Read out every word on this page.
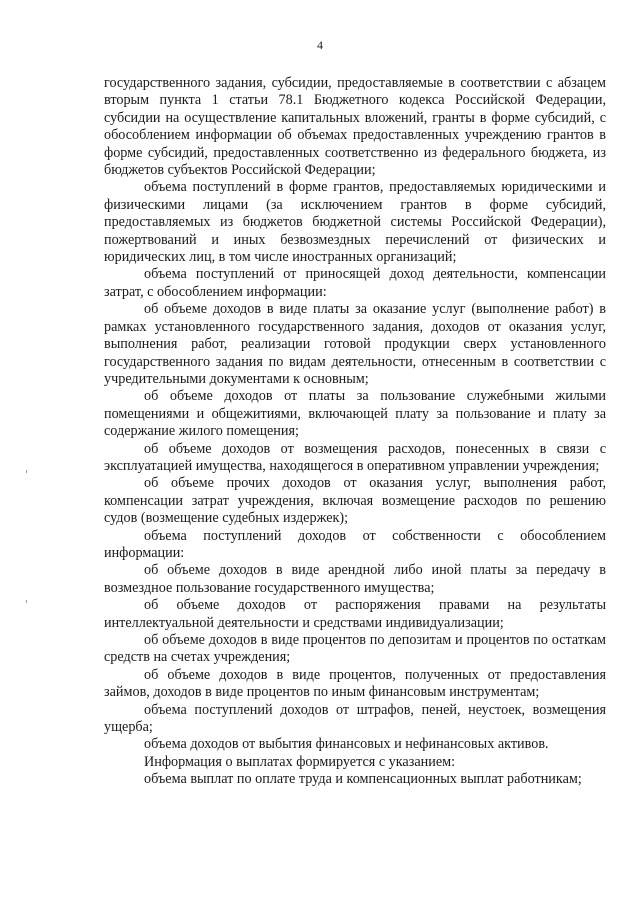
4

государственного задания, субсидии, предоставляемые в соответствии с абзацем вторым пункта 1 статьи 78.1 Бюджетного кодекса Российской Федерации, субсидии на осуществление капитальных вложений, гранты в форме субсидий, с обособлением информации об объемах предоставленных учреждению грантов в форме субсидий, предоставленных соответственно из федерального бюджета, из бюджетов субъектов Российской Федерации;

объема поступлений в форме грантов, предоставляемых юридическими и физическими лицами (за исключением грантов в форме субсидий, предоставляемых из бюджетов бюджетной системы Российской Федерации), пожертвований и иных безвозмездных перечислений от физических и юридических лиц, в том числе иностранных организаций;

объема поступлений от приносящей доход деятельности, компенсации затрат, с обособлением информации:

об объеме доходов в виде платы за оказание услуг (выполнение работ) в рамках установленного государственного задания, доходов от оказания услуг, выполнения работ, реализации готовой продукции сверх установленного государственного задания по видам деятельности, отнесенным в соответствии с учредительными документами к основным;

об объеме доходов от платы за пользование служебными жилыми помещениями и общежитиями, включающей плату за пользование и плату за содержание жилого помещения;

об объеме доходов от возмещения расходов, понесенных в связи с эксплуатацией имущества, находящегося в оперативном управлении учреждения;

об объеме прочих доходов от оказания услуг, выполнения работ, компенсации затрат учреждения, включая возмещение расходов по решению судов (возмещение судебных издержек);

объема поступлений доходов от собственности с обособлением информации:

об объеме доходов в виде арендной либо иной платы за передачу в возмездное пользование государственного имущества;

об объеме доходов от распоряжения правами на результаты интеллектуальной деятельности и средствами индивидуализации;

об объеме доходов в виде процентов по депозитам и процентов по остаткам средств на счетах учреждения;

об объеме доходов в виде процентов, полученных от предоставления займов, доходов в виде процентов по иным финансовым инструментам;

объема поступлений доходов от штрафов, пеней, неустоек, возмещения ущерба;

объема доходов от выбытия финансовых и нефинансовых активов.

Информация о выплатах формируется с указанием:

объема выплат по оплате труда и компенсационных выплат работникам;
